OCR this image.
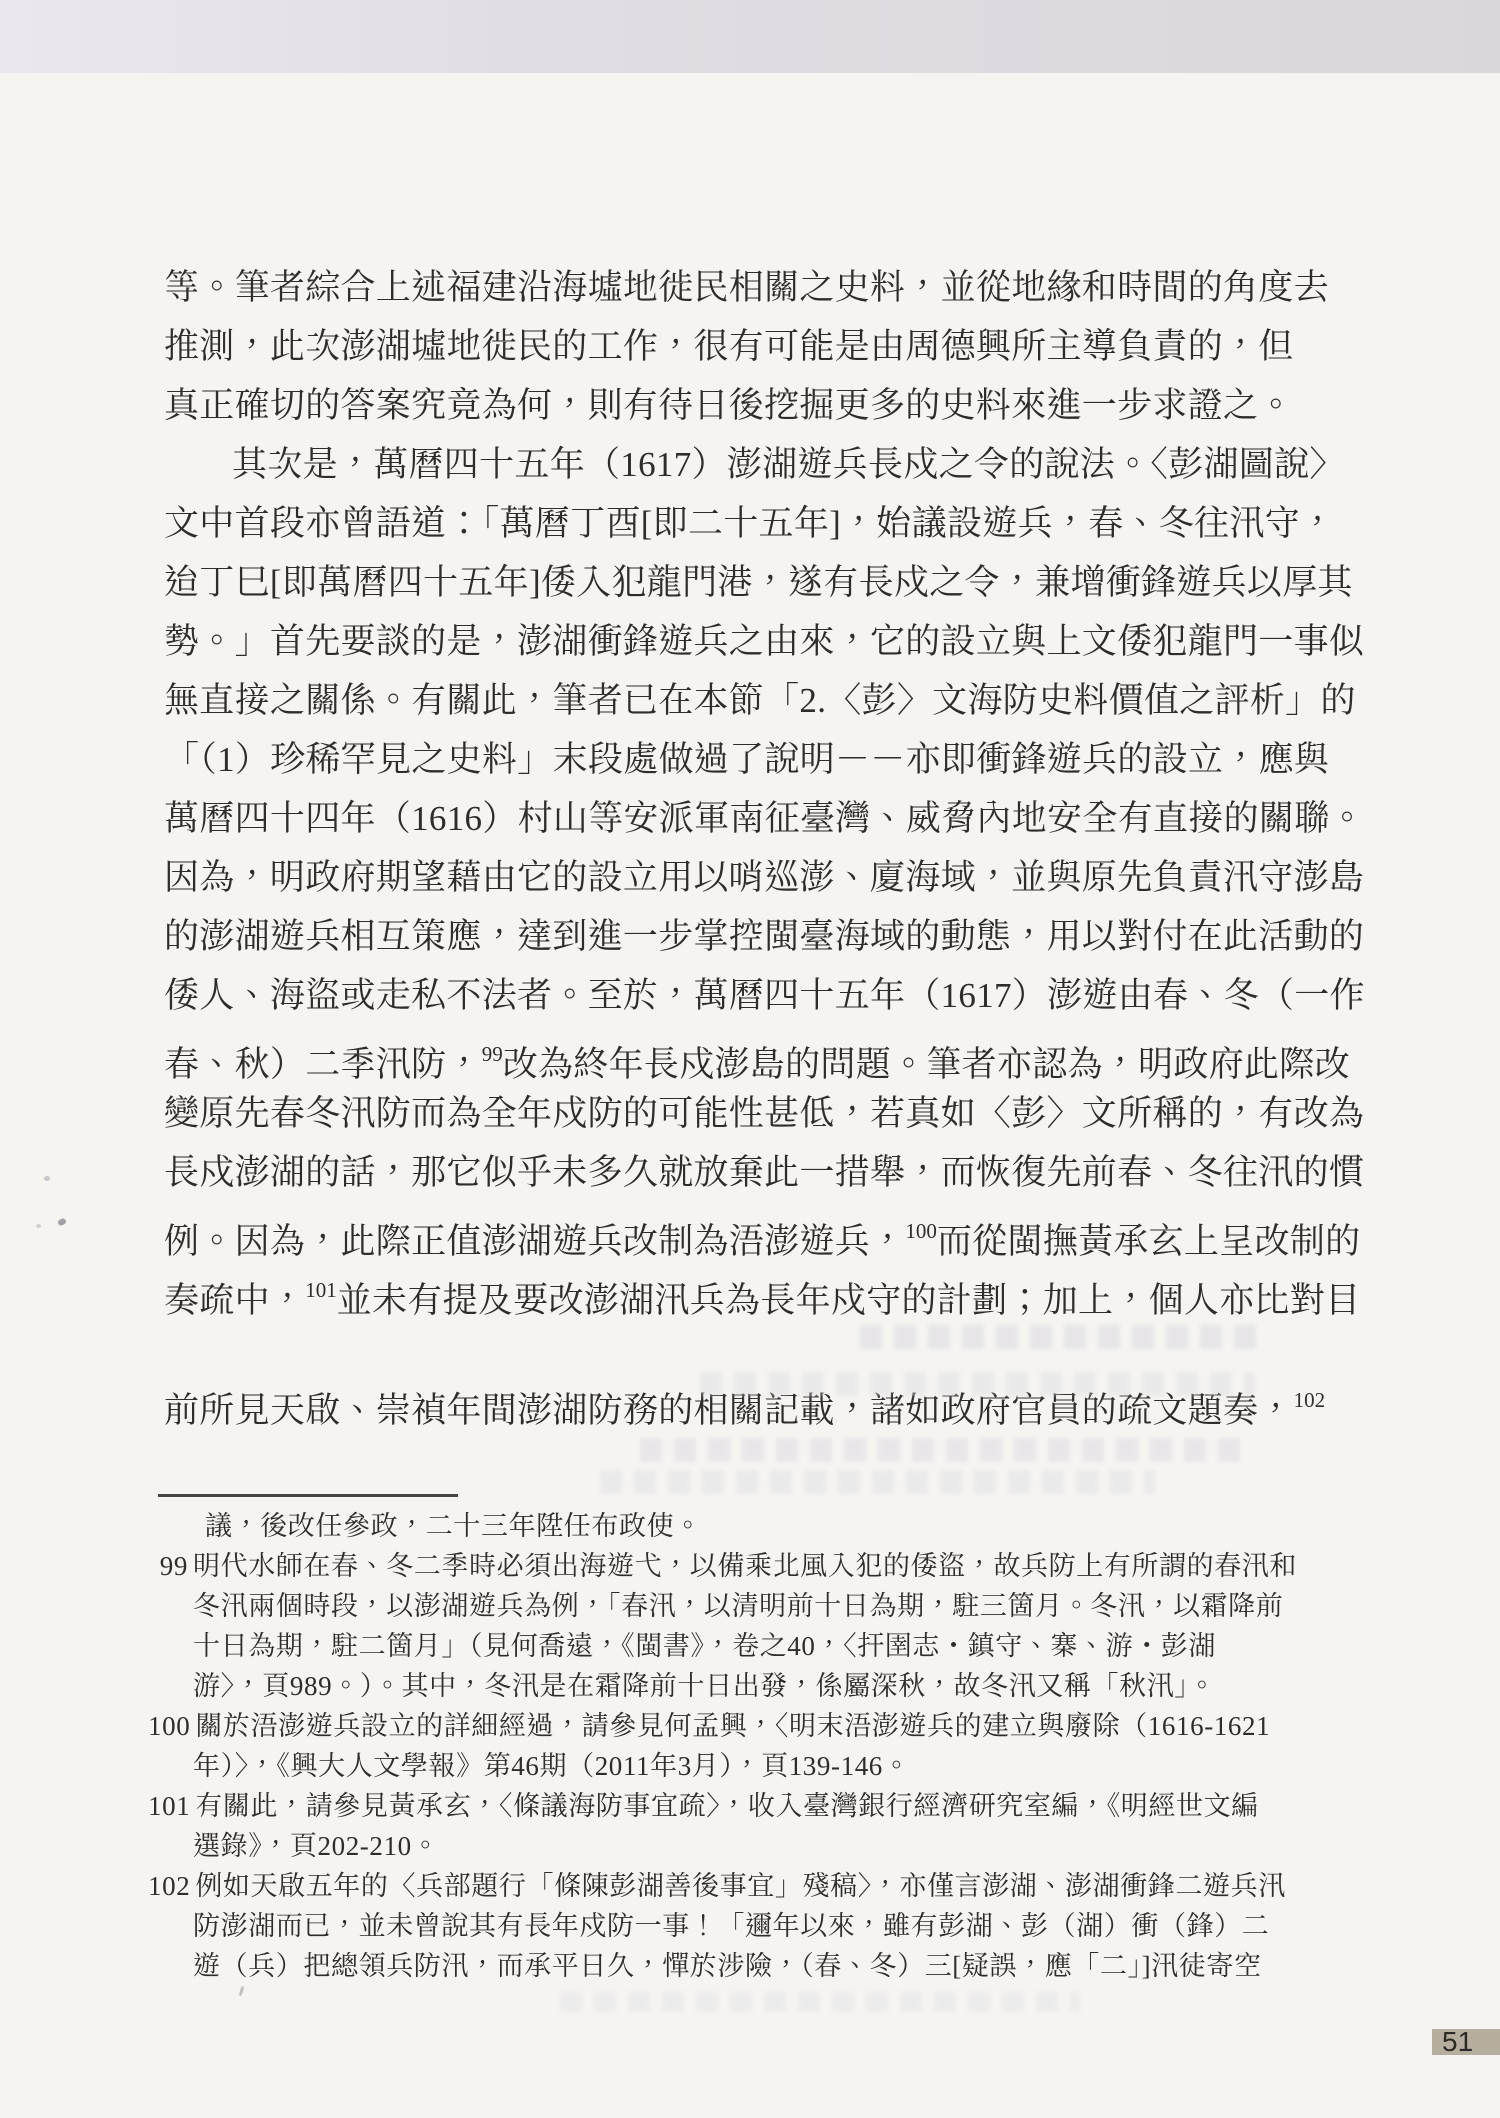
等。筆者綜合上述福建沿海墟地徙民相關之史料，並從地緣和時間的角度去
推測，此次澎湖墟地徙民的工作，很有可能是由周德興所主導負責的，但
真正確切的答案究竟為何，則有待日後挖掘更多的史料來進一步求證之。
其次是，萬曆四十五年（1617）澎湖遊兵長戍之令的說法。〈彭湖圖說〉
文中首段亦曾語道：「萬曆丁酉[即二十五年]，始議設遊兵，春、冬往汛守，
迨丁巳[即萬曆四十五年]倭入犯龍門港，遂有長戍之令，兼增衝鋒遊兵以厚其
勢。」首先要談的是，澎湖衝鋒遊兵之由來，它的設立與上文倭犯龍門一事似
無直接之關係。有關此，筆者已在本節「2.〈彭〉文海防史料價值之評析」的
「（1）珍稀罕見之史料」末段處做過了說明－－亦即衝鋒遊兵的設立，應與
萬曆四十四年（1616）村山等安派軍南征臺灣、威脅內地安全有直接的關聯。
因為，明政府期望藉由它的設立用以哨巡澎、廈海域，並與原先負責汛守澎島
的澎湖遊兵相互策應，達到進一步掌控閩臺海域的動態，用以對付在此活動的
倭人、海盜或走私不法者。至於，萬曆四十五年（1617）澎遊由春、冬（一作
春、秋）二季汛防，$^{99}$改為終年長戍澎島的問題。筆者亦認為，明政府此際改
變原先春冬汛防而為全年戍防的可能性甚低，若真如〈彭〉文所稱的，有改為
長戍澎湖的話，那它似乎未多久就放棄此一措舉，而恢復先前春、冬往汛的慣
例。因為，此際正值澎湖遊兵改制為浯澎遊兵，$^{100}$而從閩撫黃承玄上呈改制的
奏疏中，$^{101}$並未有提及要改澎湖汛兵為長年戍守的計劃；加上，個人亦比對目
前所見天啟、崇禎年間澎湖防務的相關記載，諸如政府官員的疏文題奏，$^{102}$
議，後改任參政，二十三年陞任布政使。
99 明代水師在春、冬二季時必須出海遊弋，以備乘北風入犯的倭盜，故兵防上有所謂的春汛和
冬汛兩個時段，以澎湖遊兵為例，「春汛，以清明前十日為期，駐三箇月。冬汛，以霜降前
十日為期，駐二箇月」（見何喬遠，《閩書》，卷之40，〈扞圉志・鎮守、寨、游・彭湖
游〉，頁989。）。其中，冬汛是在霜降前十日出發，係屬深秋，故冬汛又稱「秋汛」。
100 關於浯澎遊兵設立的詳細經過，請參見何孟興，〈明末浯澎遊兵的建立與廢除（1616-1621
年）〉，《興大人文學報》第46期（2011年3月），頁139-146。
101 有關此，請參見黃承玄，〈條議海防事宜疏〉，收入臺灣銀行經濟研究室編，《明經世文編
選錄》，頁202-210。
102 例如天啟五年的〈兵部題行「條陳彭湖善後事宜」殘稿〉，亦僅言澎湖、澎湖衝鋒二遊兵汛
防澎湖而已，並未曾說其有長年戍防一事！「邇年以來，雖有彭湖、彭（湖）衝（鋒）二
遊（兵）把總領兵防汛，而承平日久，憚於涉險，（春、冬）三[疑誤，應「二」]汛徒寄空
51
